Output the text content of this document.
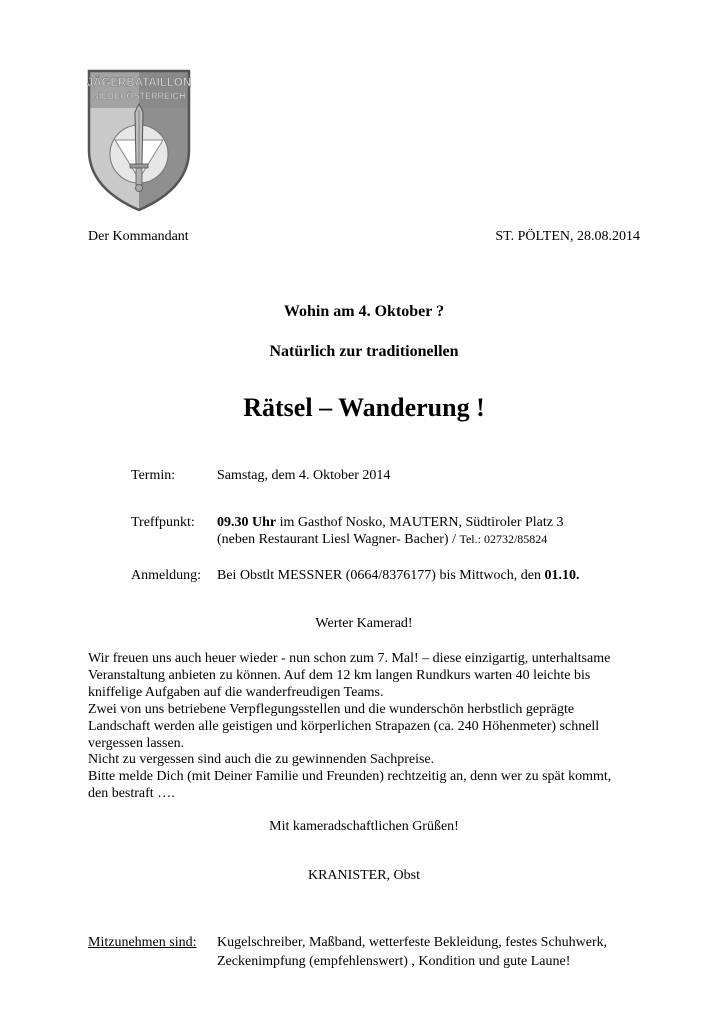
JÄGERBATAILLON
NIEDERÖSTERREICH
Der Kommandant	ST. PÖLTEN, 28.08.2014
Wohin am 4. Oktober ?
Natürlich zur traditionellen
Rätsel – Wanderung !
Termin:	Samstag, dem 4. Oktober 2014
Treffpunkt: 09.30 Uhr im Gasthof Nosko, MAUTERN, Südtiroler Platz 3
(neben Restaurant Liesl Wagner- Bacher) / Tel.: 02732/85824
Anmeldung: Bei Obstlt MESSNER (0664/8376177) bis Mittwoch, den 01.10.
Werter Kamerad!
Wir freuen uns auch heuer wieder - nun schon zum 7. Mal! – diese einzigartig, unterhaltsame
Veranstaltung anbieten zu können. Auf dem 12 km langen Rundkurs warten 40 leichte bis
kniffelige Aufgaben auf die wanderfreudigen Teams.
Zwei von uns betriebene Verpflegungsstellen und die wunderschön herbstlich geprägte
Landschaft werden alle geistigen und körperlichen Strapazen (ca. 240 Höhenmeter) schnell
vergessen lassen.
Nicht zu vergessen sind auch die zu gewinnenden Sachpreise.
Bitte melde Dich (mit Deiner Familie und Freunden) rechtzeitig an, denn wer zu spät kommt,
den bestraft ….
Mit kameradschaftlichen Grüßen!
KRANISTER, Obst
Mitzunehmen sind: Kugelschreiber, Maßband, wetterfeste Bekleidung, festes Schuhwerk,
Zeckenimpfung (empfehlenswert) , Kondition und gute Laune!
